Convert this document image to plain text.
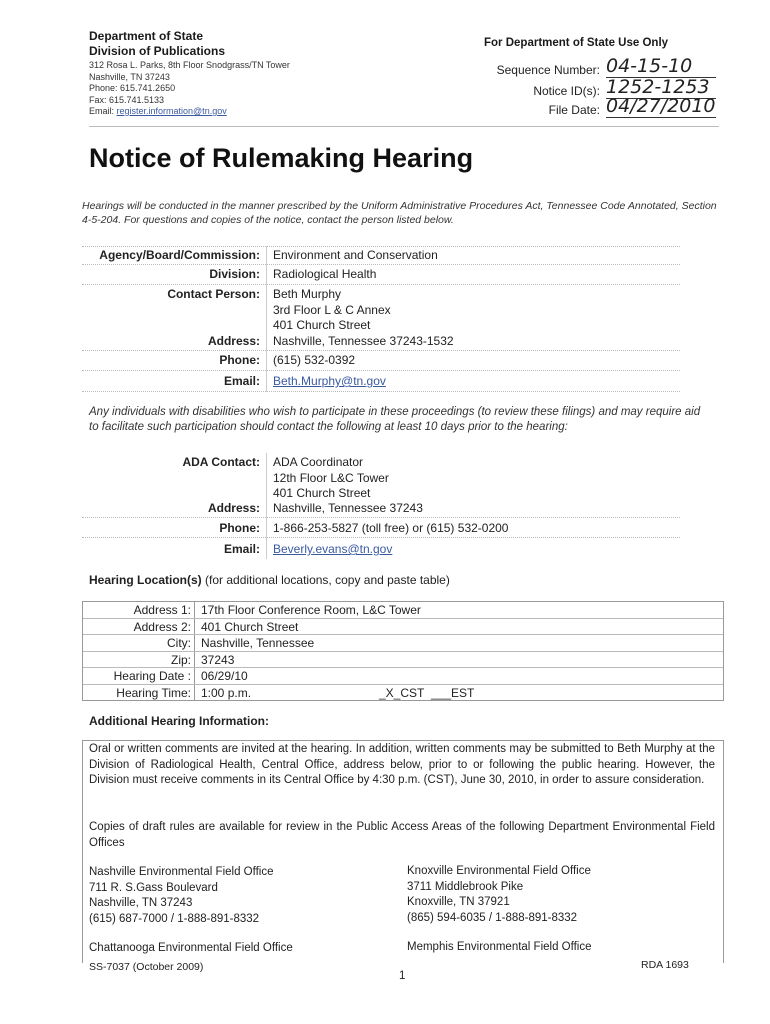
Department of State
Division of Publications
312 Rosa L. Parks, 8th Floor Snodgrass/TN Tower
Nashville, TN 37243
Phone: 615.741.2650
Fax: 615.741.5133
Email: register.information@tn.gov
For Department of State Use Only
Sequence Number: 04-15-10
Notice ID(s): 1252-1253
File Date: 04/27/2010
Notice of Rulemaking Hearing
Hearings will be conducted in the manner prescribed by the Uniform Administrative Procedures Act, Tennessee Code Annotated, Section 4-5-204. For questions and copies of the notice, contact the person listed below.
Agency/Board/Commission: Environment and Conservation
Division: Radiological Health
Contact Person: Beth Murphy
3rd Floor L & C Annex
401 Church Street
Address: Nashville, Tennessee 37243-1532
Phone: (615) 532-0392
Email: Beth.Murphy@tn.gov
Any individuals with disabilities who wish to participate in these proceedings (to review these filings) and may require aid to facilitate such participation should contact the following at least 10 days prior to the hearing:
ADA Contact: ADA Coordinator
12th Floor L&C Tower
401 Church Street
Address: Nashville, Tennessee 37243
Phone: 1-866-253-5827 (toll free) or (615) 532-0200
Email: Beverly.evans@tn.gov
Hearing Location(s) (for additional locations, copy and paste table)
Address 1: 17th Floor Conference Room, L&C Tower
Address 2: 401 Church Street
City: Nashville, Tennessee
Zip: 37243
Hearing Date : 06/29/10
Hearing Time: 1:00 p.m.	_X_CST ___EST
Additional Hearing Information:
Oral or written comments are invited at the hearing. In addition, written comments may be submitted to Beth Murphy at the Division of Radiological Health, Central Office, address below, prior to or following the public hearing. However, the Division must receive comments in its Central Office by 4:30 p.m. (CST), June 30, 2010, in order to assure consideration.
Copies of draft rules are available for review in the Public Access Areas of the following Department Environmental Field Offices
Nashville Environmental Field Office
711 R. S.Gass Boulevard
Nashville, TN 37243
(615) 687-7000 / 1-888-891-8332
Knoxville Environmental Field Office
3711 Middlebrook Pike
Knoxville, TN 37921
(865) 594-6035 / 1-888-891-8332
Chattanooga Environmental Field Office	Memphis Environmental Field Office
SS-7037 (October 2009)
1
RDA 1693
